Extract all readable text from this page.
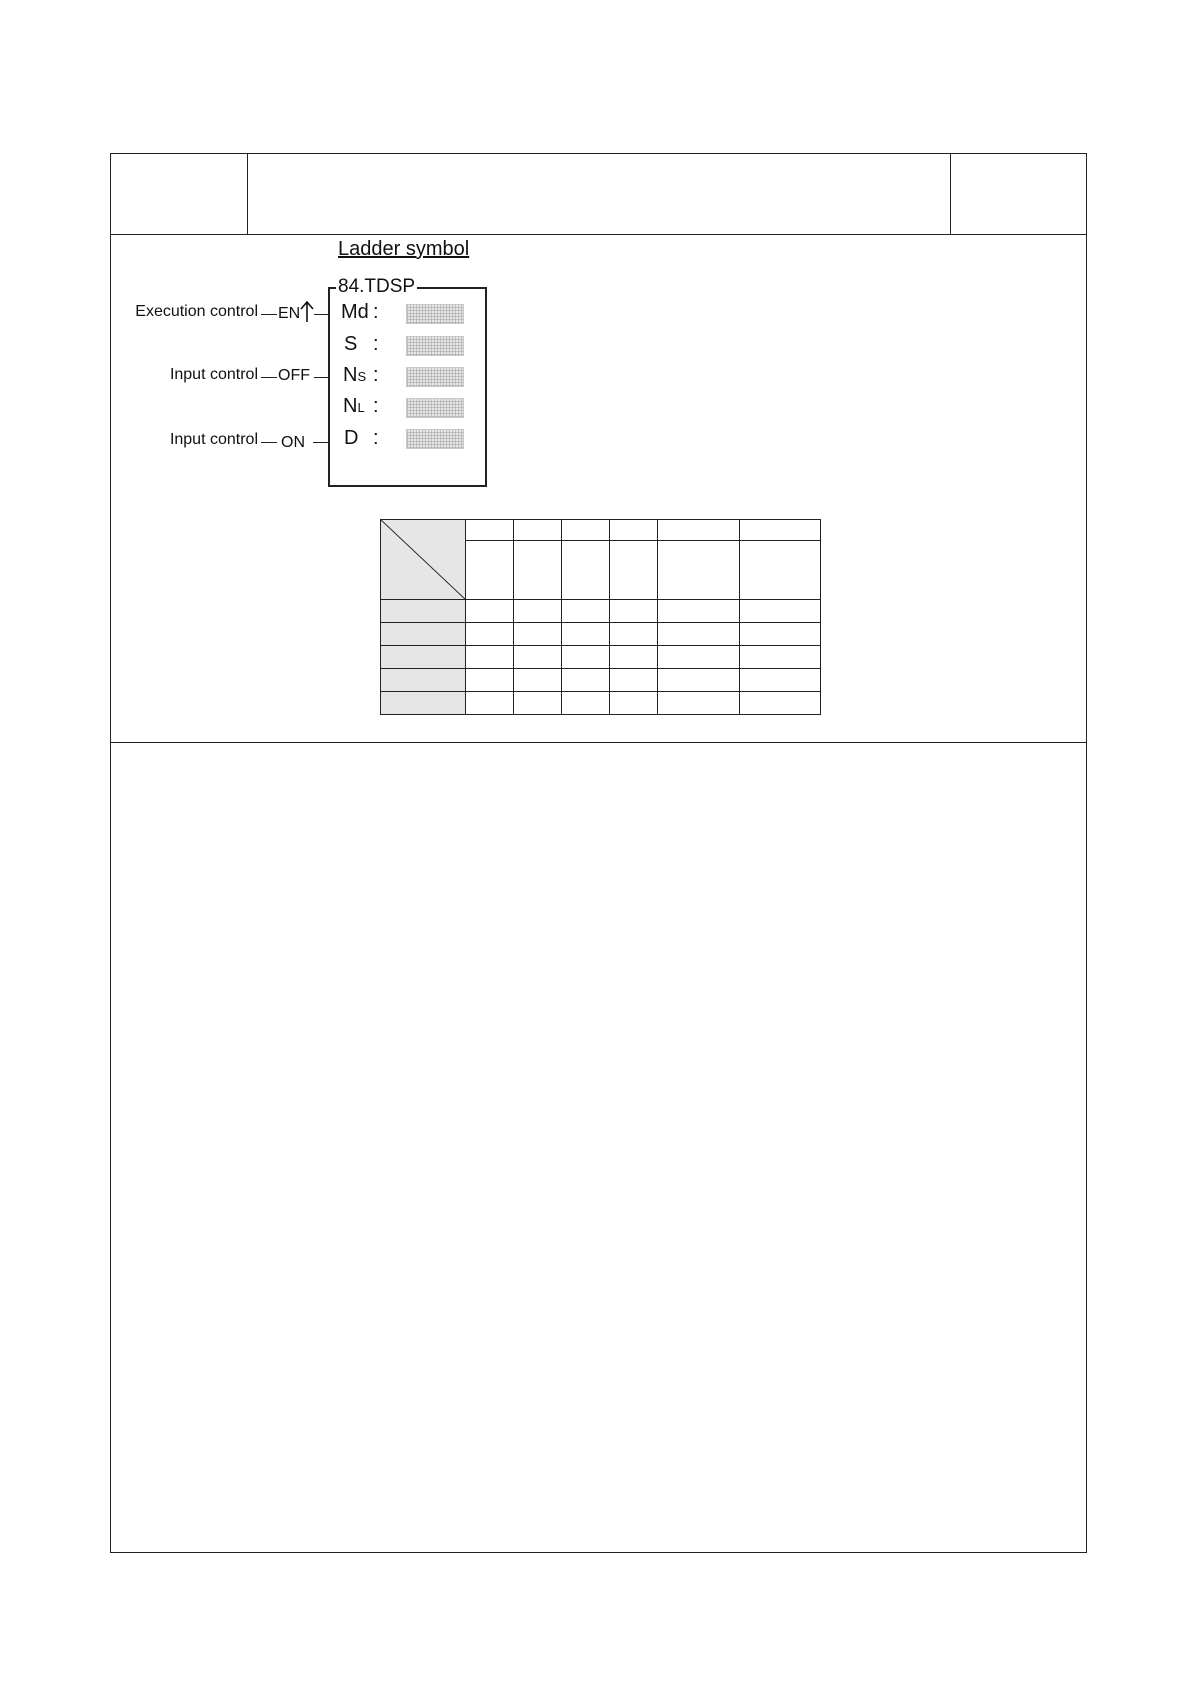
Ladder symbol
Execution control EN
Input control OFF
Input control ON
84.TDSP
Md :
S :
NS :
NL :
D :
